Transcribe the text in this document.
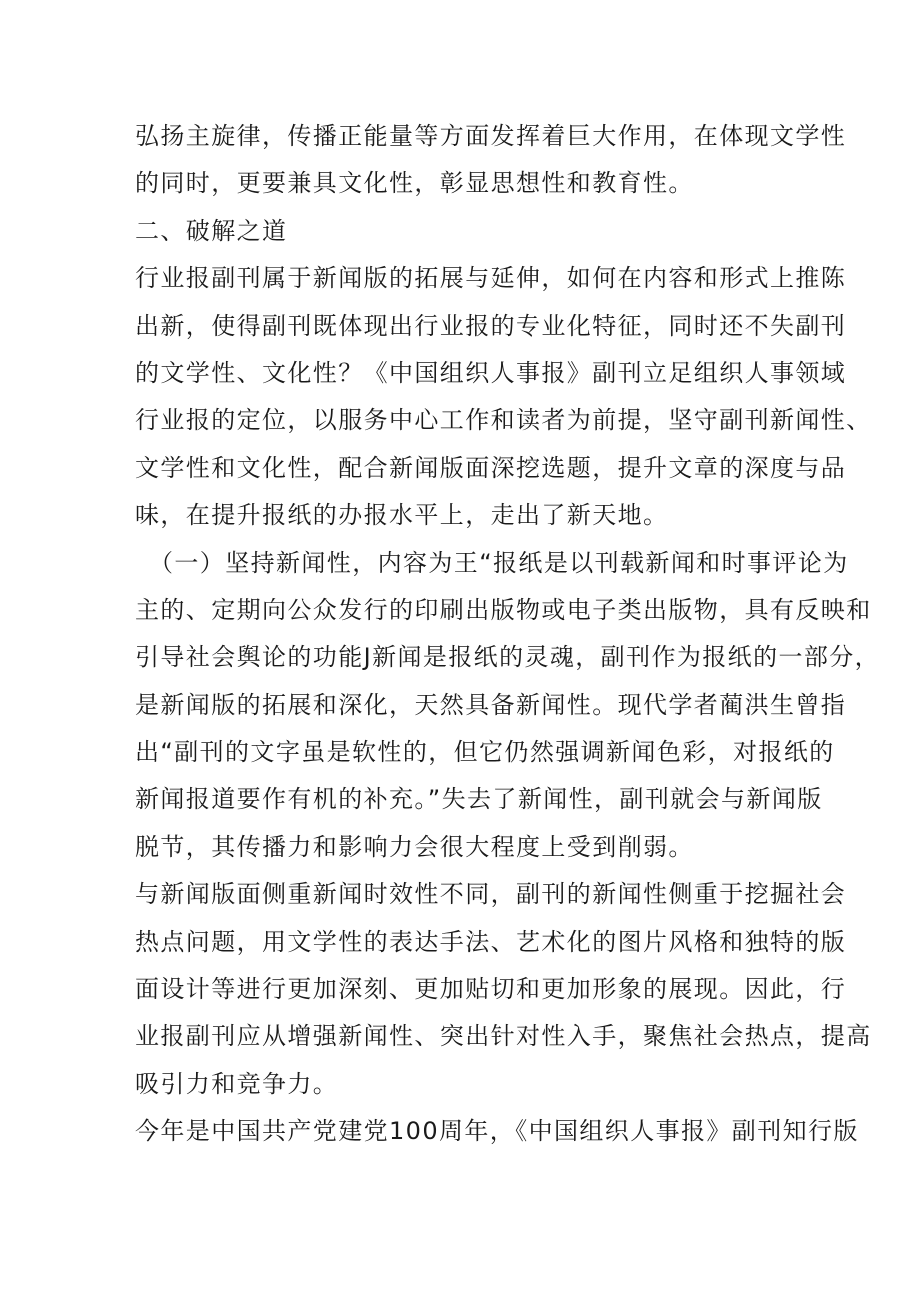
弘扬主旋律，传播正能量等方面发挥着巨大作用，在体现文学性
的同时，更要兼具文化性，彰显思想性和教育性。
二、破解之道
行业报副刊属于新闻版的拓展与延伸，如何在内容和形式上推陈
出新，使得副刊既体现出行业报的专业化特征，同时还不失副刊
的文学性、文化性？《中国组织人事报》副刊立足组织人事领域
行业报的定位，以服务中心工作和读者为前提，坚守副刊新闻性、
文学性和文化性，配合新闻版面深挖选题，提升文章的深度与品
味，在提升报纸的办报水平上，走出了新天地。
（一）坚持新闻性，内容为王“报纸是以刊载新闻和时事评论为
主的、定期向公众发行的印刷出版物或电子类出版物，具有反映和
引导社会舆论的功能J新闻是报纸的灵魂，副刊作为报纸的一部分，
是新闻版的拓展和深化，天然具备新闻性。现代学者蔺洪生曾指
出“副刊的文字虽是软性的，但它仍然强调新闻色彩，对报纸的
新闻报道要作有机的补充。”失去了新闻性，副刊就会与新闻版
脱节，其传播力和影响力会很大程度上受到削弱。
与新闻版面侧重新闻时效性不同，副刊的新闻性侧重于挖掘社会
热点问题，用文学性的表达手法、艺术化的图片风格和独特的版
面设计等进行更加深刻、更加贴切和更加形象的展现。因此，行
业报副刊应从增强新闻性、突出针对性入手，聚焦社会热点，提高
吸引力和竞争力。
今年是中国共产党建党100周年，《中国组织人事报》副刊知行版
